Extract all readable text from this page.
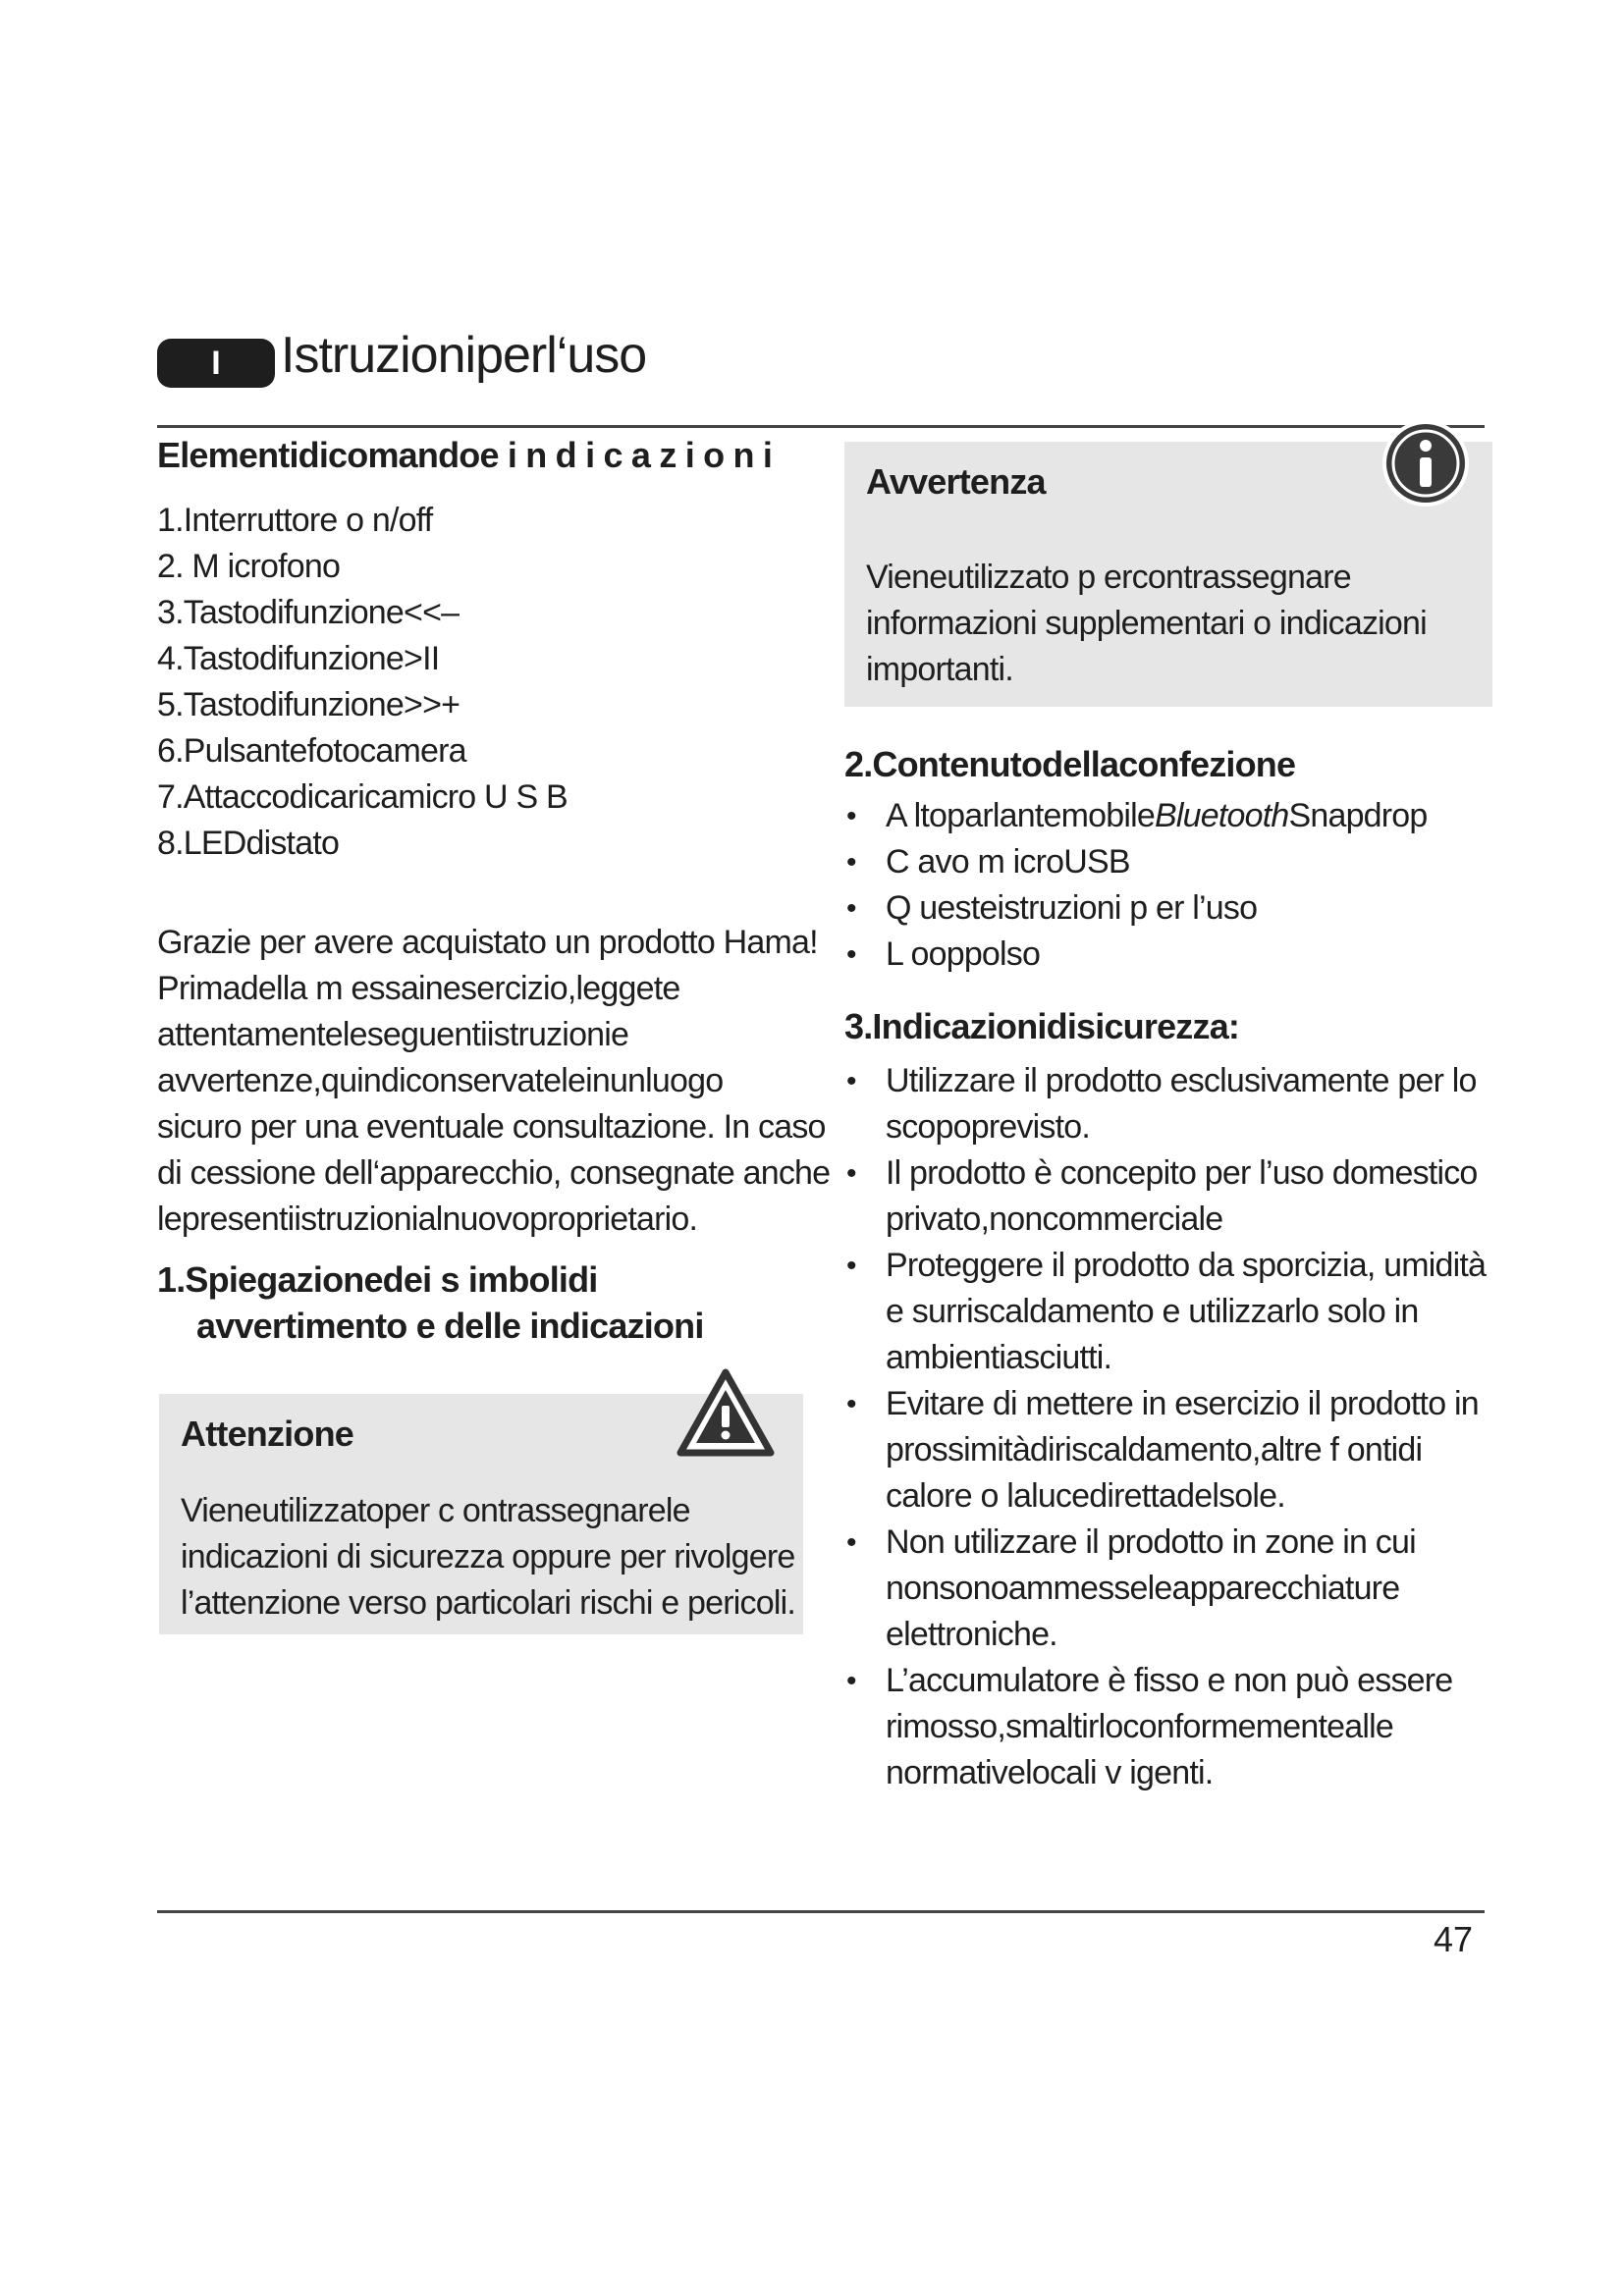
I	Istruzioniperl‘uso
Elementidicomandoe i n d i c a z i o n i
1.Interruttore o n/off
2. M icrofono
3.Tastodifunzione<<–
4.Tastodifunzione>II
5.Tastodifunzione>>+
6.Pulsantefotocamera
7.Attaccodicaricamicro U S B
8.LEDdistato
Grazie per avere acquistato un prodotto Hama!
Primadella m essainesercizio,leggete
attentamenteleseguentiistruzionie
avvertenze,quindiconservateleinunluogo
sicuro per una eventuale consultazione. In caso
di cessione dell‘apparecchio, consegnate anche
lepresentiistruzionialnuovoproprietario.
1.Spiegazionedei s imbolidi
avvertimento e delle indicazioni
Attenzione
Vieneutilizzatoper c ontrassegnarele
indicazioni di sicurezza oppure per rivolgere
l’attenzione verso particolari rischi e pericoli.
Avvertenza
Vieneutilizzato p ercontrassegnare
informazioni supplementari o indicazioni
importanti.
2.Contenutodellaconfezione
• A ltoparlantemobileBluetoothSnapdrop
• C avo m icroUSB
• Q uesteistruzioni p er l’uso
• L ooppolso
3.Indicazionidisicurezza:
• Utilizzare il prodotto esclusivamente per lo
scopoprevisto.
• Il prodotto è concepito per l’uso domestico
privato,noncommerciale
• Proteggere il prodotto da sporcizia, umidità
e surriscaldamento e utilizzarlo solo in
ambientiasciutti.
• Evitare di mettere in esercizio il prodotto in
prossimitàdiriscaldamento,altre f ontidi
calore o lalucedirettadelsole.
• Non utilizzare il prodotto in zone in cui
nonsonoammesseleapparecchiature
elettroniche.
• L’accumulatore è fisso e non può essere
rimosso,smaltirloconformementealle
normativelocali v igenti.
47
